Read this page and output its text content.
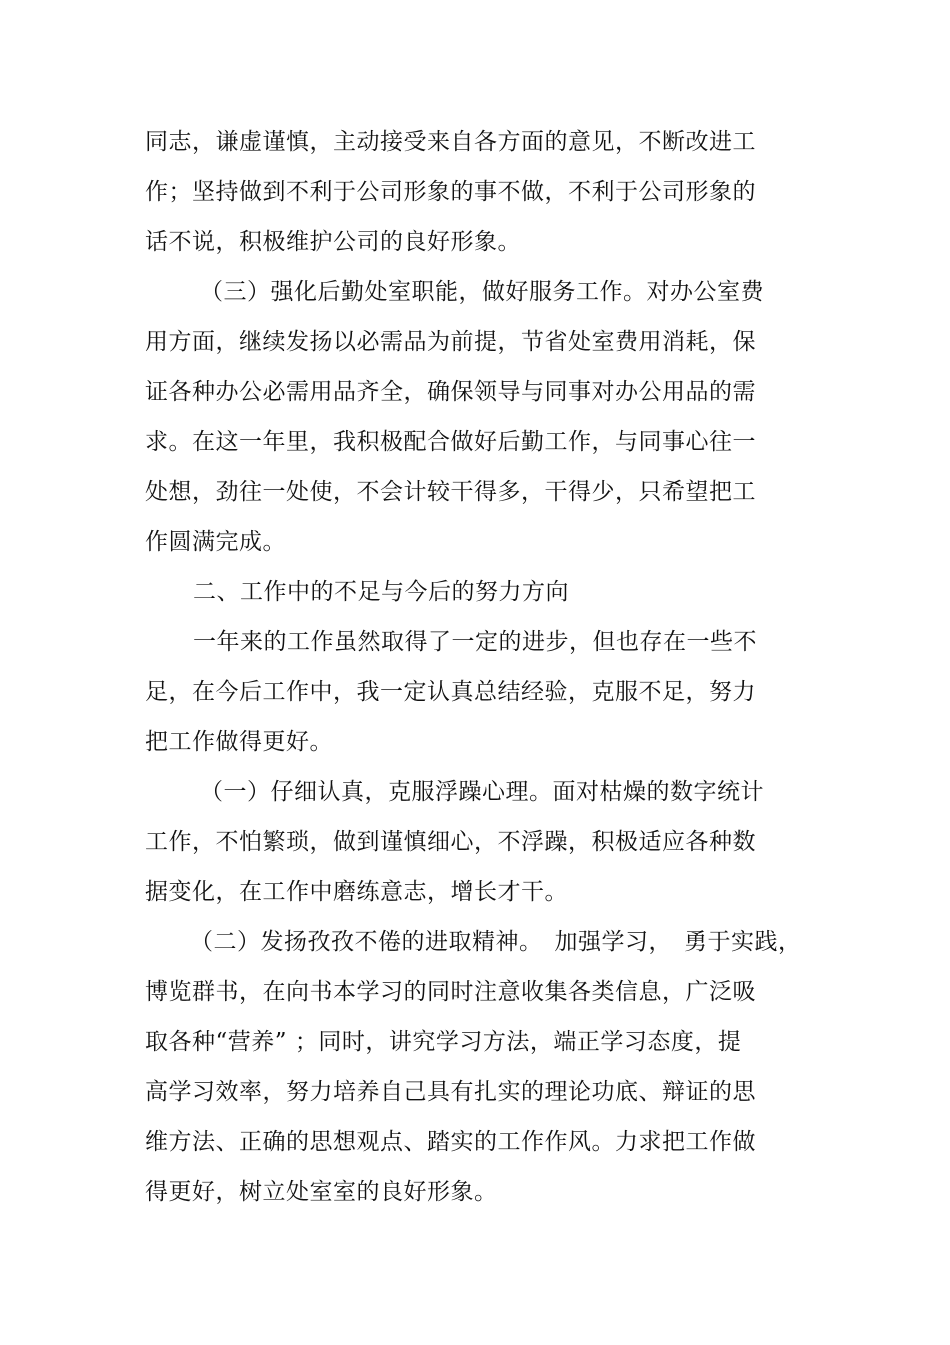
同志，谦虚谨慎，主动接受来自各方面的意见，不断改进工
作；坚持做到不利于公司形象的事不做，不利于公司形象的
话不说，积极维护公司的良好形象。
（三）强化后勤处室职能，做好服务工作。对办公室费
用方面，继续发扬以必需品为前提，节省处室费用消耗，保
证各种办公必需用品齐全，确保领导与同事对办公用品的需
求。在这一年里，我积极配合做好后勤工作，与同事心往一
处想，劲往一处使，不会计较干得多，干得少，只希望把工
作圆满完成。
二、工作中的不足与今后的努力方向
一年来的工作虽然取得了一定的进步，但也存在一些不
足，在今后工作中，我一定认真总结经验，克服不足，努力
把工作做得更好。
（一）仔细认真，克服浮躁心理。面对枯燥的数字统计
工作，不怕繁琐，做到谨慎细心，不浮躁，积极适应各种数
据变化，在工作中磨练意志，增长才干。
（二）发扬孜孜不倦的进取精神。　加强学习，　勇于实践，
博览群书，在向书本学习的同时注意收集各类信息，广泛吸
取各种“营养” ；同时，讲究学习方法，端正学习态度，提
高学习效率，努力培养自己具有扎实的理论功底、辩证的思
维方法、正确的思想观点、踏实的工作作风。力求把工作做
得更好，树立处室室的良好形象。
